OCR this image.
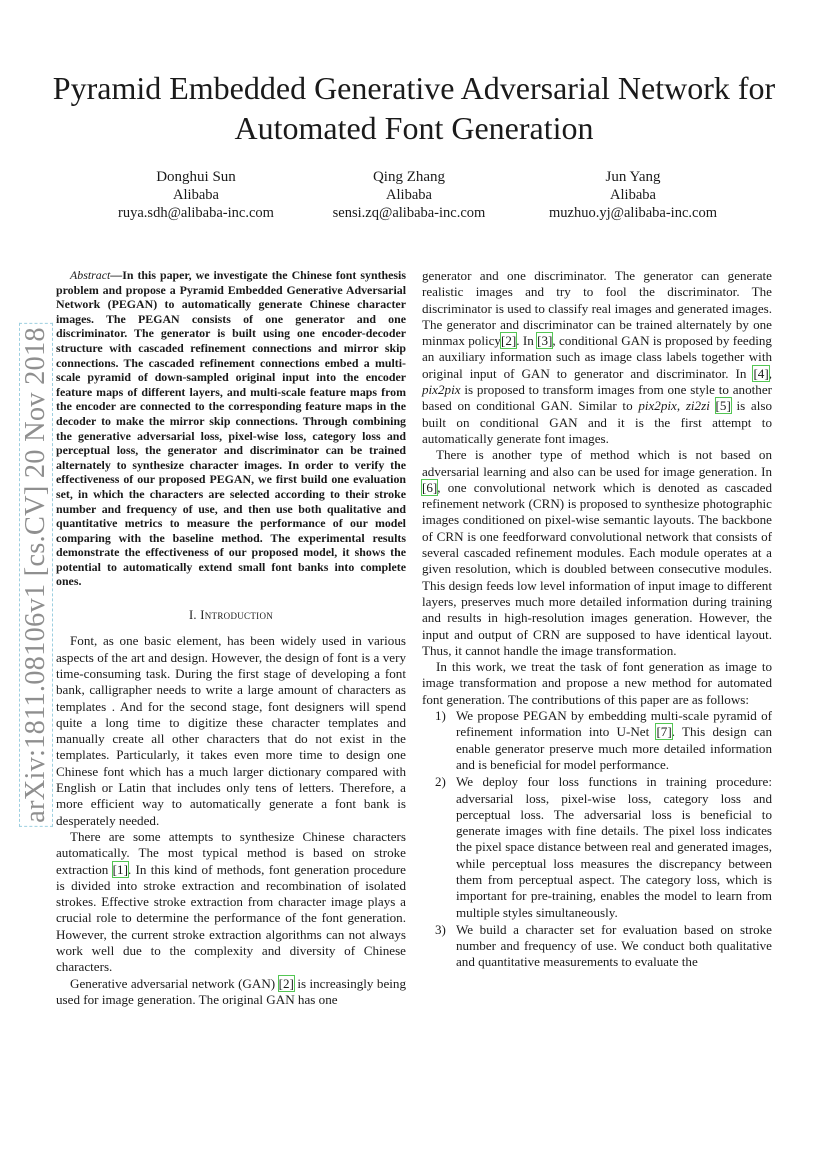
Pyramid Embedded Generative Adversarial Network for Automated Font Generation
Donghui Sun
Alibaba
ruya.sdh@alibaba-inc.com
Qing Zhang
Alibaba
sensi.zq@alibaba-inc.com
Jun Yang
Alibaba
muzhuo.yj@alibaba-inc.com
arXiv:1811.08106v1 [cs.CV] 20 Nov 2018

Abstract—In this paper, we investigate the Chinese font synthesis problem and propose a Pyramid Embedded Generative Adversarial Network (PEGAN) to automatically generate Chinese character images. The PEGAN consists of one generator and one discriminator. The generator is built using one encoder-decoder structure with cascaded refinement connections and mirror skip connections. The cascaded refinement connections embed a multi-scale pyramid of down-sampled original input into the encoder feature maps of different layers, and multi-scale feature maps from the encoder are connected to the corresponding feature maps in the decoder to make the mirror skip connections. Through combining the generative adversarial loss, pixel-wise loss, category loss and perceptual loss, the generator and discriminator can be trained alternately to synthesize character images. In order to verify the effectiveness of our proposed PEGAN, we first build one evaluation set, in which the characters are selected according to their stroke number and frequency of use, and then use both qualitative and quantitative metrics to measure the performance of our model comparing with the baseline method. The experimental results demonstrate the effectiveness of our proposed model, it shows the potential to automatically extend small font banks into complete ones.

I. Introduction

Font, as one basic element, has been widely used in various aspects of the art and design. However, the design of font is a very time-consuming task. During the first stage of developing a font bank, calligrapher needs to write a large amount of characters as templates . And for the second stage, font designers will spend quite a long time to digitize these character templates and manually create all other characters that do not exist in the templates. Particularly, it takes even more time to design one Chinese font which has a much larger dictionary compared with English or Latin that includes only tens of letters. Therefore, a more efficient way to automatically generate a font bank is desperately needed.

There are some attempts to synthesize Chinese characters automatically. The most typical method is based on stroke extraction [1]. In this kind of methods, font generation procedure is divided into stroke extraction and recombination of isolated strokes. Effective stroke extraction from character image plays a crucial role to determine the performance of the font generation. However, the current stroke extraction algorithms can not always work well due to the complexity and diversity of Chinese characters.

Generative adversarial network (GAN) [2] is increasingly being used for image generation. The original GAN has one

generator and one discriminator. The generator can generate realistic images and try to fool the discriminator. The discriminator is used to classify real images and generated images. The generator and discriminator can be trained alternately by one minmax policy[2]. In [3], conditional GAN is proposed by feeding an auxiliary information such as image class labels together with original input of GAN to generator and discriminator. In [4], pix2pix is proposed to transform images from one style to another based on conditional GAN. Similar to pix2pix, zi2zi [5] is also built on conditional GAN and it is the first attempt to automatically generate font images.

There is another type of method which is not based on adversarial learning and also can be used for image generation. In [6], one convolutional network which is denoted as cascaded refinement network (CRN) is proposed to synthesize photographic images conditioned on pixel-wise semantic layouts. The backbone of CRN is one feedforward convolutional network that consists of several cascaded refinement modules. Each module operates at a given resolution, which is doubled between consecutive modules. This design feeds low level information of input image to different layers, preserves much more detailed information during training and results in high-resolution images generation. However, the input and output of CRN are supposed to have identical layout. Thus, it cannot handle the image transformation.

In this work, we treat the task of font generation as image to image transformation and propose a new method for automated font generation. The contributions of this paper are as follows:

1) We propose PEGAN by embedding multi-scale pyramid of refinement information into U-Net [7]. This design can enable generator preserve much more detailed information and is beneficial for model performance.
2) We deploy four loss functions in training procedure: adversarial loss, pixel-wise loss, category loss and perceptual loss. The adversarial loss is beneficial to generate images with fine details. The pixel loss indicates the pixel space distance between real and generated images, while perceptual loss measures the discrepancy between them from perceptual aspect. The category loss, which is important for pre-training, enables the model to learn from multiple styles simultaneously.
3) We build a character set for evaluation based on stroke number and frequency of use. We conduct both qualitative and quantitative measurements to evaluate the
